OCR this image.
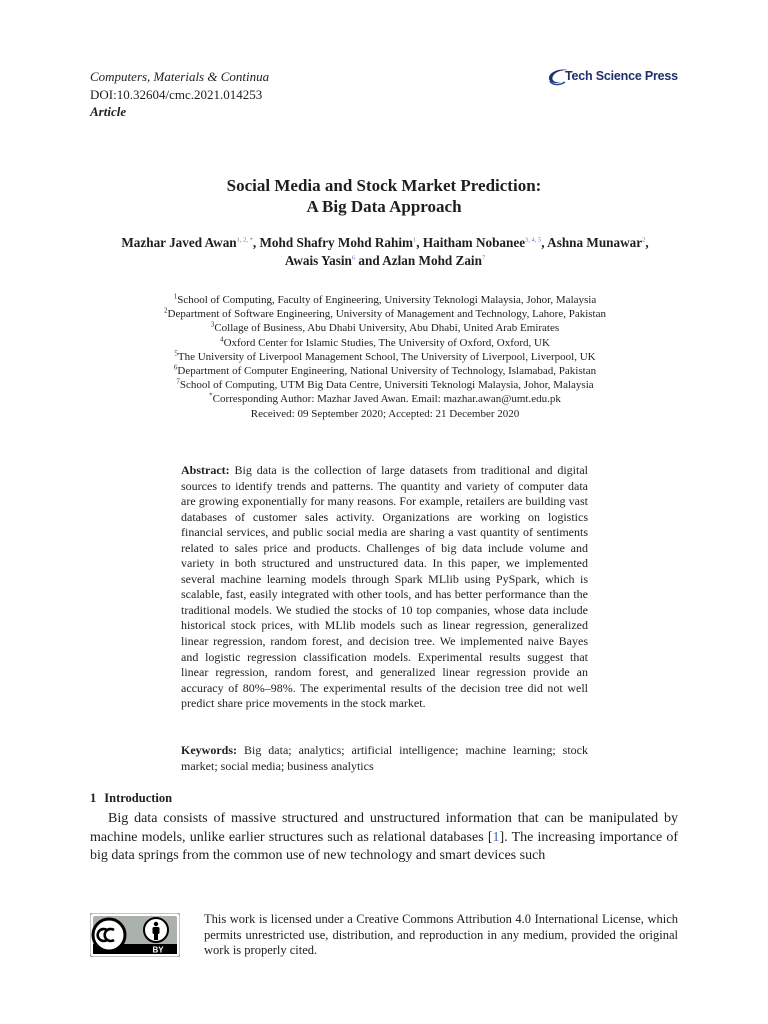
Computers, Materials & Continua
DOI:10.32604/cmc.2021.014253
Article
Tech Science Press
Social Media and Stock Market Prediction:
A Big Data Approach
Mazhar Javed Awan$^{1, 2, *}$, Mohd Shafry Mohd Rahim$^1$, Haitham Nobanee$^{3, 4, 5}$, Ashna Munawar$^2$,
Awais Yasin$^6$ and Azlan Mohd Zain$^7$
$^1$School of Computing, Faculty of Engineering, University Teknologi Malaysia, Johor, Malaysia
$^2$Department of Software Engineering, University of Management and Technology, Lahore, Pakistan
$^3$Collage of Business, Abu Dhabi University, Abu Dhabi, United Arab Emirates
$^4$Oxford Center for Islamic Studies, The University of Oxford, Oxford, UK
$^5$The University of Liverpool Management School, The University of Liverpool, Liverpool, UK
$^6$Department of Computer Engineering, National University of Technology, Islamabad, Pakistan
$^7$School of Computing, UTM Big Data Centre, Universiti Teknologi Malaysia, Johor, Malaysia
*Corresponding Author: Mazhar Javed Awan. Email: mazhar.awan@umt.edu.pk
Received: 09 September 2020; Accepted: 21 December 2020
Abstract: Big data is the collection of large datasets from traditional and digital sources to identify trends and patterns. The quantity and variety of computer data are growing exponentially for many reasons. For example, retailers are building vast databases of customer sales activity. Organizations are working on logistics financial services, and public social media are sharing a vast quantity of sentiments related to sales price and products. Challenges of big data include volume and variety in both structured and unstructured data. In this paper, we implemented several machine learning models through Spark MLlib using PySpark, which is scalable, fast, easily integrated with other tools, and has better performance than the traditional models. We studied the stocks of 10 top companies, whose data include historical stock prices, with MLlib models such as linear regression, generalized linear regression, random forest, and decision tree. We implemented naive Bayes and logistic regression classification models. Experimental results suggest that linear regression, random forest, and generalized linear regression provide an accuracy of 80%–98%. The experimental results of the decision tree did not well predict share price movements in the stock market.
Keywords: Big data; analytics; artificial intelligence; machine learning; stock market; social media; business analytics
1 Introduction
Big data consists of massive structured and unstructured information that can be manipulated by machine models, unlike earlier structures such as relational databases [1]. The increasing importance of big data springs from the common use of new technology and smart devices such
BY
This work is licensed under a Creative Commons Attribution 4.0 International License, which permits unrestricted use, distribution, and reproduction in any medium, provided the original work is properly cited.
